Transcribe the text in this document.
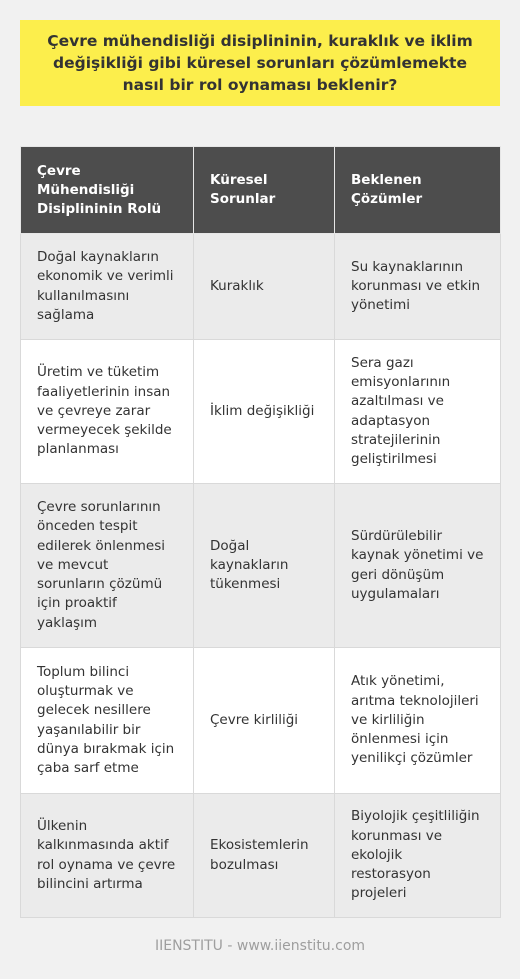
Çevre mühendisliği disiplininin, kuraklık ve iklim değişikliği gibi küresel sorunları çözümlemekte nasıl bir rol oynaması beklenir?
Çevre Mühendisliği Disiplininin Rolü	Küresel Sorunlar	Beklenen Çözümler
Doğal kaynakların ekonomik ve verimli kullanılmasını sağlama	Kuraklık	Su kaynaklarının korunması ve etkin yönetimi
Üretim ve tüketim faaliyetlerinin insan ve çevreye zarar vermeyecek şekilde planlanması	İklim değişikliği	Sera gazı emisyonlarının azaltılması ve adaptasyon stratejilerinin geliştirilmesi
Çevre sorunlarının önceden tespit edilerek önlenmesi ve mevcut sorunların çözümü için proaktif yaklaşım	Doğal kaynakların tükenmesi	Sürdürülebilir kaynak yönetimi ve geri dönüşüm uygulamaları
Toplum bilinci oluşturmak ve gelecek nesillere yaşanılabilir bir dünya bırakmak için çaba sarf etme	Çevre kirliliği	Atık yönetimi, arıtma teknolojileri ve kirliliğin önlenmesi için yenilikçi çözümler
Ülkenin kalkınmasında aktif rol oynama ve çevre bilincini artırma	Ekosistemlerin bozulması	Biyolojik çeşitliliğin korunması ve ekolojik restorasyon projeleri
IIENSTITU - www.iienstitu.com
